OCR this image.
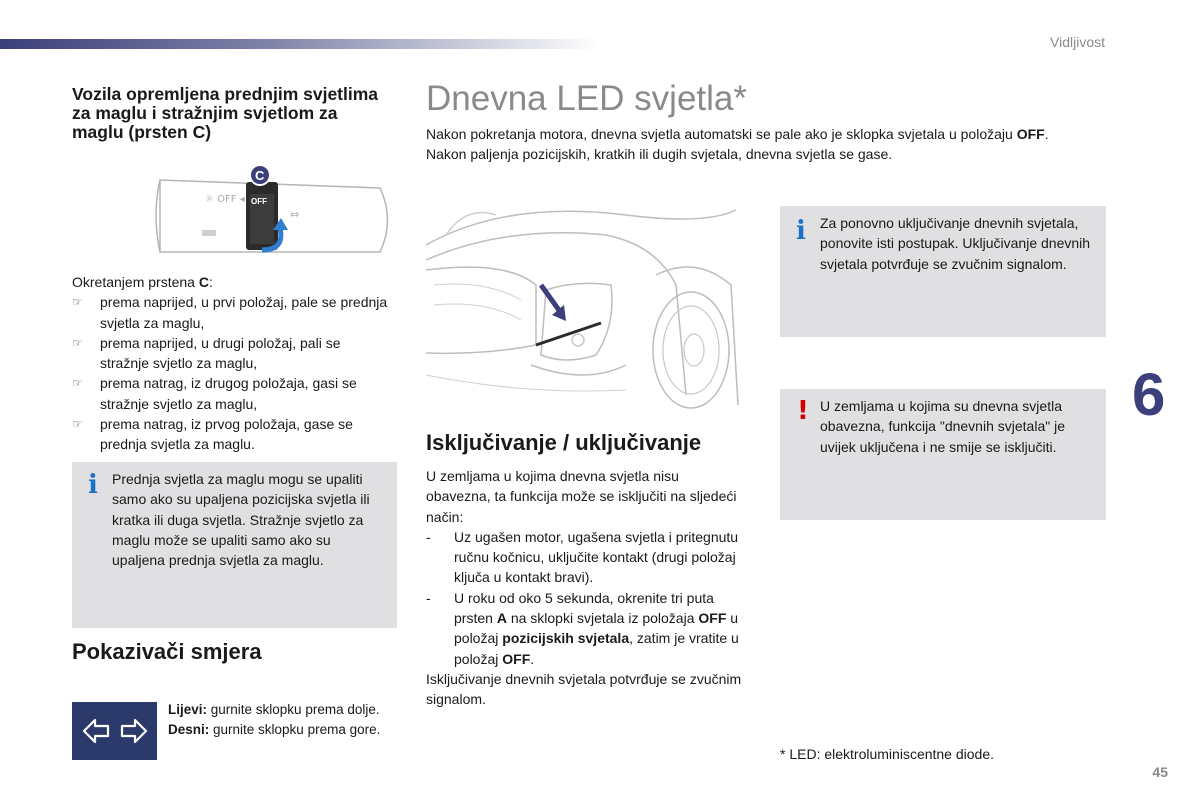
Vidljivost
6
45
Vozila opremljena prednjim svjetlima za maglu i stražnjim svjetlom za maglu (prsten C)
OFF
C
☼ OFF ◂
⇔
Okretanjem prstena C:
☞ prema naprijed, u prvi položaj, pale se prednja svjetla za maglu,
☞ prema naprijed, u drugi položaj, pali se stražnje svjetlo za maglu,
☞ prema natrag, iz drugog položaja, gasi se stražnje svjetlo za maglu,
☞ prema natrag, iz prvog položaja, gase se prednja svjetla za maglu.
i Prednja svjetla za maglu mogu se upaliti samo ako su upaljena pozicijska svjetla ili kratka ili duga svjetla. Stražnje svjetlo za maglu može se upaliti samo ako su upaljena prednja svjetla za maglu.
Pokazivači smjera
Lijevi: gurnite sklopku prema dolje.
Desni: gurnite sklopku prema gore.
Dnevna LED svjetla*
Nakon pokretanja motora, dnevna svjetla automatski se pale ako je sklopka svjetala u položaju OFF.
Nakon paljenja pozicijskih, kratkih ili dugih svjetala, dnevna svjetla se gase.
Isključivanje / uključivanje
U zemljama u kojima dnevna svjetla nisu obavezna, ta funkcija može se isključiti na sljedeći način:
- Uz ugašen motor, ugašena svjetla i pritegnutu ručnu kočnicu, uključite kontakt (drugi položaj ključa u kontakt bravi).
- U roku od oko 5 sekunda, okrenite tri puta prsten A na sklopki svjetala iz položaja OFF u položaj pozicijskih svjetala, zatim je vratite u položaj OFF.
Isključivanje dnevnih svjetala potvrđuje se zvučnim signalom.
i Za ponovno uključivanje dnevnih svjetala, ponovite isti postupak. Uključivanje dnevnih svjetala potvrđuje se zvučnim signalom.
! U zemljama u kojima su dnevna svjetla obavezna, funkcija "dnevnih svjetala" je uvijek uključena i ne smije se isključiti.
* LED: elektroluminiscentne diode.
